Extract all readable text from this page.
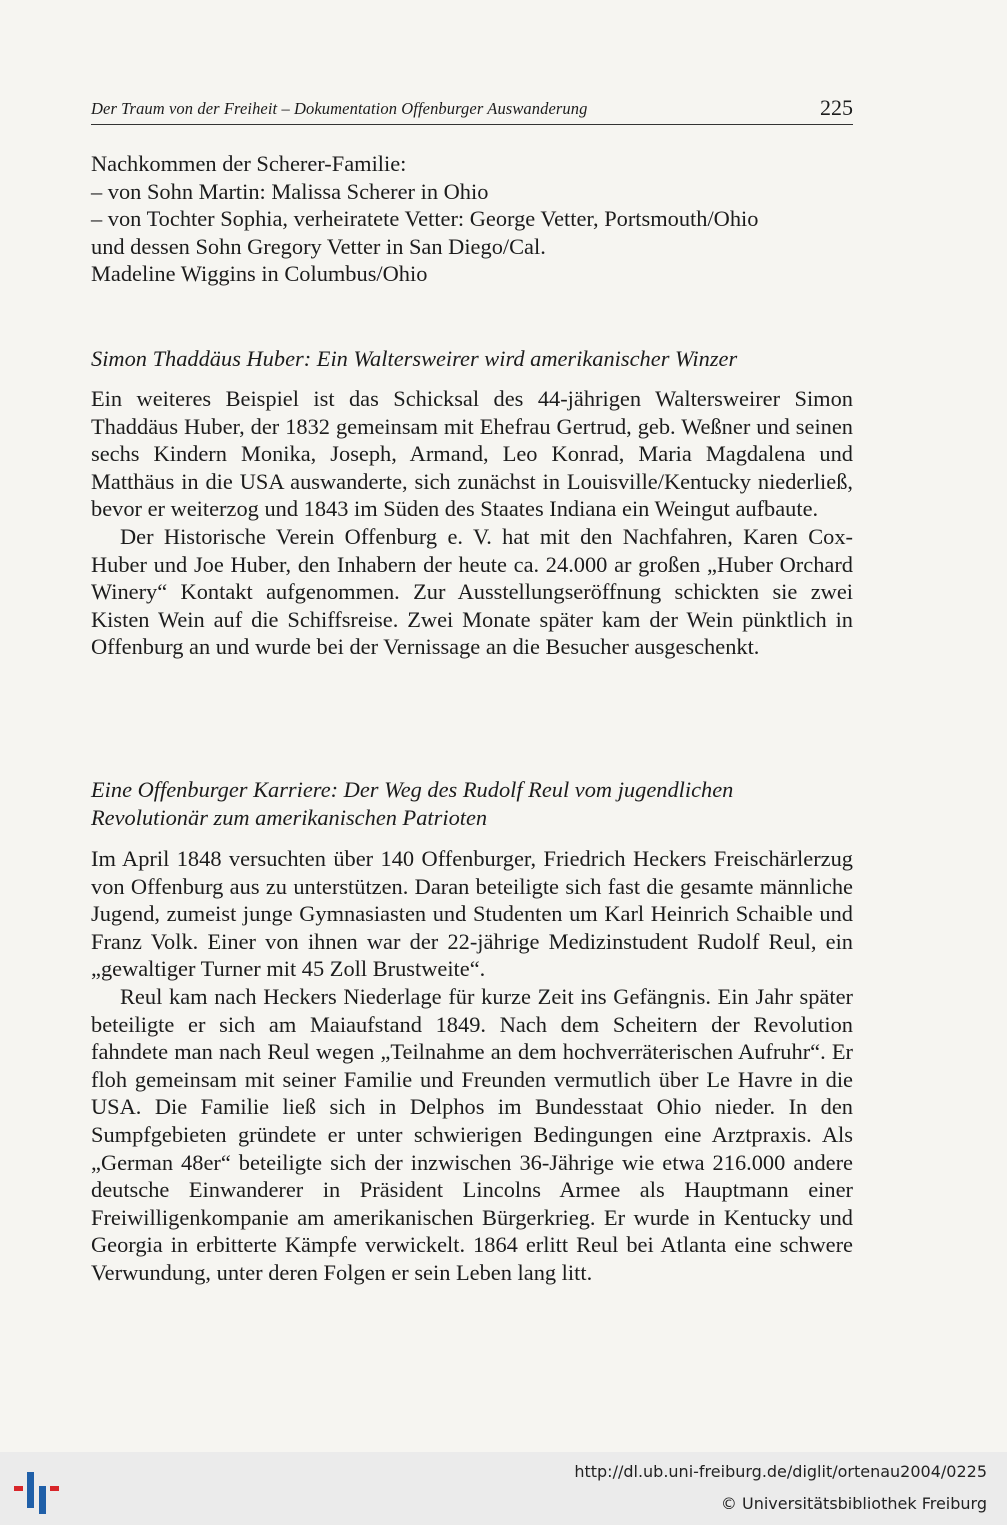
Der Traum von der Freiheit – Dokumentation Offenburger Auswanderung	225

Nachkommen der Scherer-Familie:

– von Sohn Martin: Malissa Scherer in Ohio

– von Tochter Sophia, verheiratete Vetter: George Vetter, Portsmouth/Ohio

und dessen Sohn Gregory Vetter in San Diego/Cal.

Madeline Wiggins in Columbus/Ohio

Simon Thaddäus Huber: Ein Waltersweirer wird amerikanischer Winzer

Ein weiteres Beispiel ist das Schicksal des 44-jährigen Waltersweirer Simon Thaddäus Huber, der 1832 gemeinsam mit Ehefrau Gertrud, geb. Weßner und seinen sechs Kindern Monika, Joseph, Armand, Leo Konrad, Maria Magdalena und Matthäus in die USA auswanderte, sich zunächst in Louisville/Kentucky niederließ, bevor er weiterzog und 1843 im Süden des Staates Indiana ein Weingut aufbaute.

Der Historische Verein Offenburg e. V. hat mit den Nachfahren, Karen Cox-Huber und Joe Huber, den Inhabern der heute ca. 24.000 ar großen „Huber Orchard Winery“ Kontakt aufgenommen. Zur Ausstellungseröffnung schickten sie zwei Kisten Wein auf die Schiffsreise. Zwei Monate später kam der Wein pünktlich in Offenburg an und wurde bei der Vernissage an die Besucher ausgeschenkt.

Eine Offenburger Karriere: Der Weg des Rudolf Reul vom jugendlichen
Revolutionär zum amerikanischen Patrioten

Im April 1848 versuchten über 140 Offenburger, Friedrich Heckers Freischärlerzug von Offenburg aus zu unterstützen. Daran beteiligte sich fast die gesamte männliche Jugend, zumeist junge Gymnasiasten und Studenten um Karl Heinrich Schaible und Franz Volk. Einer von ihnen war der 22-jährige Medizinstudent Rudolf Reul, ein „gewaltiger Turner mit 45 Zoll Brustweite“.

Reul kam nach Heckers Niederlage für kurze Zeit ins Gefängnis. Ein Jahr später beteiligte er sich am Maiaufstand 1849. Nach dem Scheitern der Revolution fahndete man nach Reul wegen „Teilnahme an dem hochverräterischen Aufruhr“. Er floh gemeinsam mit seiner Familie und Freunden vermutlich über Le Havre in die USA. Die Familie ließ sich in Delphos im Bundesstaat Ohio nieder. In den Sumpfgebieten gründete er unter schwierigen Bedingungen eine Arztpraxis. Als „German 48er“ beteiligte sich der inzwischen 36-Jährige wie etwa 216.000 andere deutsche Einwanderer in Präsident Lincolns Armee als Hauptmann einer Freiwilligenkompanie am amerikanischen Bürgerkrieg. Er wurde in Kentucky und Georgia in erbitterte Kämpfe verwickelt. 1864 erlitt Reul bei Atlanta eine schwere Verwundung, unter deren Folgen er sein Leben lang litt.

http://dl.ub.uni-freiburg.de/diglit/ortenau2004/0225
© Universitätsbibliothek Freiburg
